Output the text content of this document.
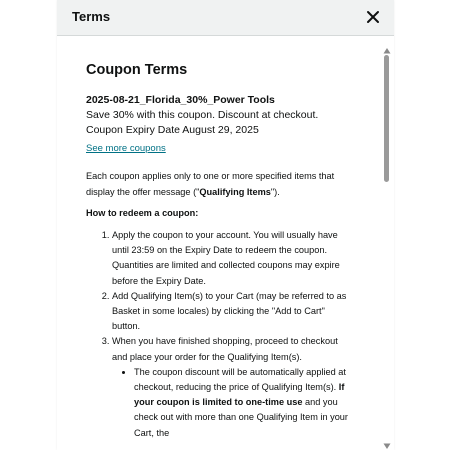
Terms
Coupon Terms
2025-08-21_Florida_30%_Power Tools
Save 30% with this coupon. Discount at checkout.
Coupon Expiry Date August 29, 2025
See more coupons
Each coupon applies only to one or more specified items that display the offer message ("Qualifying Items").
How to redeem a coupon:
1. Apply the coupon to your account. You will usually have until 23:59 on the Expiry Date to redeem the coupon. Quantities are limited and collected coupons may expire before the Expiry Date.
2. Add Qualifying Item(s) to your Cart (may be referred to as Basket in some locales) by clicking the "Add to Cart" button.
3. When you have finished shopping, proceed to checkout and place your order for the Qualifying Item(s).
• The coupon discount will be automatically applied at checkout, reducing the price of Qualifying Item(s). If your coupon is limited to one-time use and you check out with more than one Qualifying Item in your Cart, the
